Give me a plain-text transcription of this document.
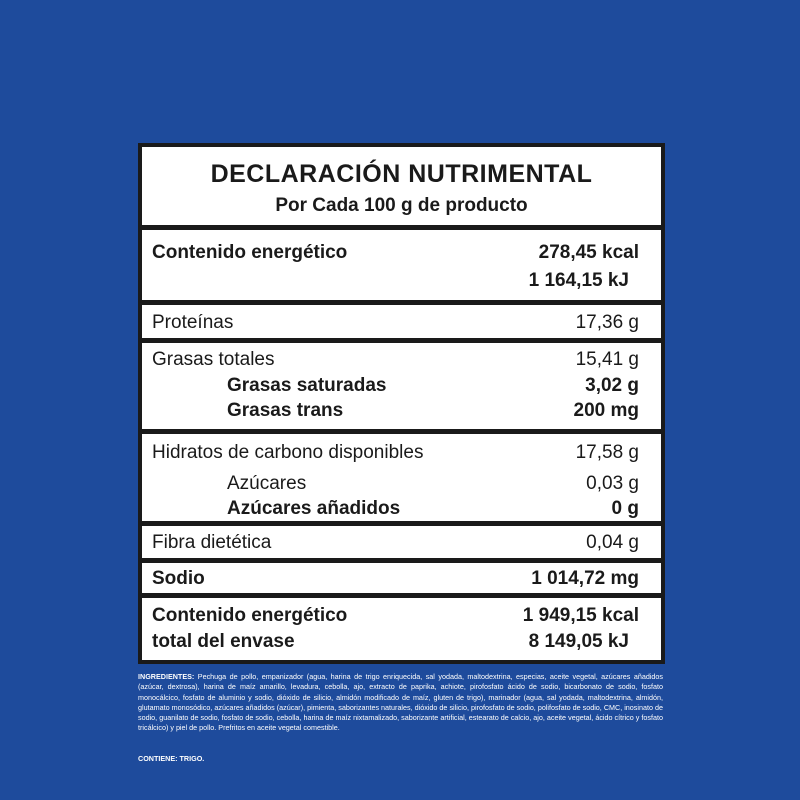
DECLARACIÓN NUTRIMENTAL
Por Cada 100 g de producto
Contenido energético	278,45 kcal
1 164,15 kJ
Proteínas	17,36 g
Grasas totales	15,41 g
Grasas saturadas	3,02 g
Grasas trans	200 mg
Hidratos de carbono disponibles	17,58 g
Azúcares	0,03 g
Azúcares añadidos	0 g
Fibra dietética	0,04 g
Sodio	1 014,72 mg
Contenido energético	1 949,15 kcal
total del envase	8 149,05 kJ
INGREDIENTES: Pechuga de pollo, empanizador (agua, harina de trigo enriquecida, sal yodada, maltodextrina, especias, aceite vegetal, azúcares añadidos (azúcar, dextrosa), harina de maíz amarillo, levadura, cebolla, ajo, extracto de paprika, achiote, pirofosfato ácido de sodio, bicarbonato de sodio, fosfato monocálcico, fosfato de aluminio y sodio, dióxido de silicio, almidón modificado de maíz, gluten de trigo), marinador (agua, sal yodada, maltodextrina, almidón, glutamato monosódico, azúcares añadidos (azúcar), pimienta, saborizantes naturales, dióxido de silicio, pirofosfato de sodio, polifosfato de sodio, CMC, inosinato de sodio, guanilato de sodio, fosfato de sodio, cebolla, harina de maíz nixtamalizado, saborizante artificial, estearato de calcio, ajo, aceite vegetal, ácido cítrico y fosfato tricálcico) y piel de pollo. Prefritos en aceite vegetal comestible.
CONTIENE: TRIGO.
